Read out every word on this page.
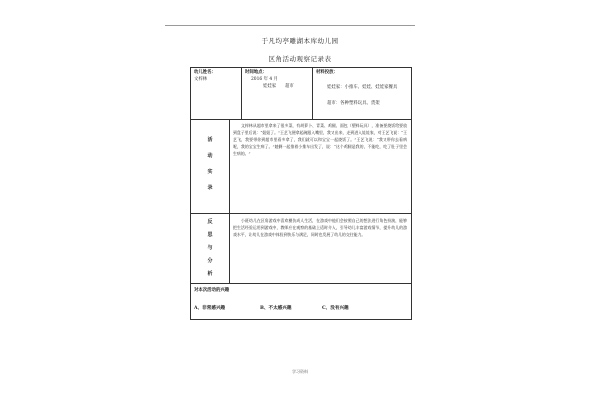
于凡均亭雕湖本库幼儿园
区角活动观察记录表
幼儿姓名：
文梓林
时间地点：
2016 年 4 月
娃娃家　　超市
材料投放：
娃娃家：小推车、娃娃、娃娃家餐具
超市：各种塑料玩具、货架
活
动
实
录
文梓林从超市里拿来了很多菜，有胡萝卜、青菜、鸡腿、面包（塑料玩具），准备要烧饭给要放到盘子里后说：“妞妞了。”王艺飞便拿起碗跟入嘴里，我又出来，走到进入娃娃家，对王艺飞说：“王艺飞，我要带你到超市里看多拿了，我们就可以和宝宝一起烧饭了。”王艺飞说：“我又带你去看病呢，我的宝宝生病了。”她俩一起推着小推车出发了，说：“这个鸡腿是我的，不能吃，吃了肚子里会生病的。”
反
思
与
分
析
小班幼儿在区角游戏中喜欢模仿成人生活，在游戏中他们会按照自己的想法进行角色扮演，能够把生活经验运用到游戏中，教师应在观察的基础上适时介入，引导幼儿丰富游戏情节，提升幼儿的游戏水平，让幼儿在游戏中体验到快乐与满足，同时也发展了幼儿的交往能力。
对本次活动的兴趣
A、非常感兴趣	B、不太感兴趣	C、没有兴趣
学习资料
